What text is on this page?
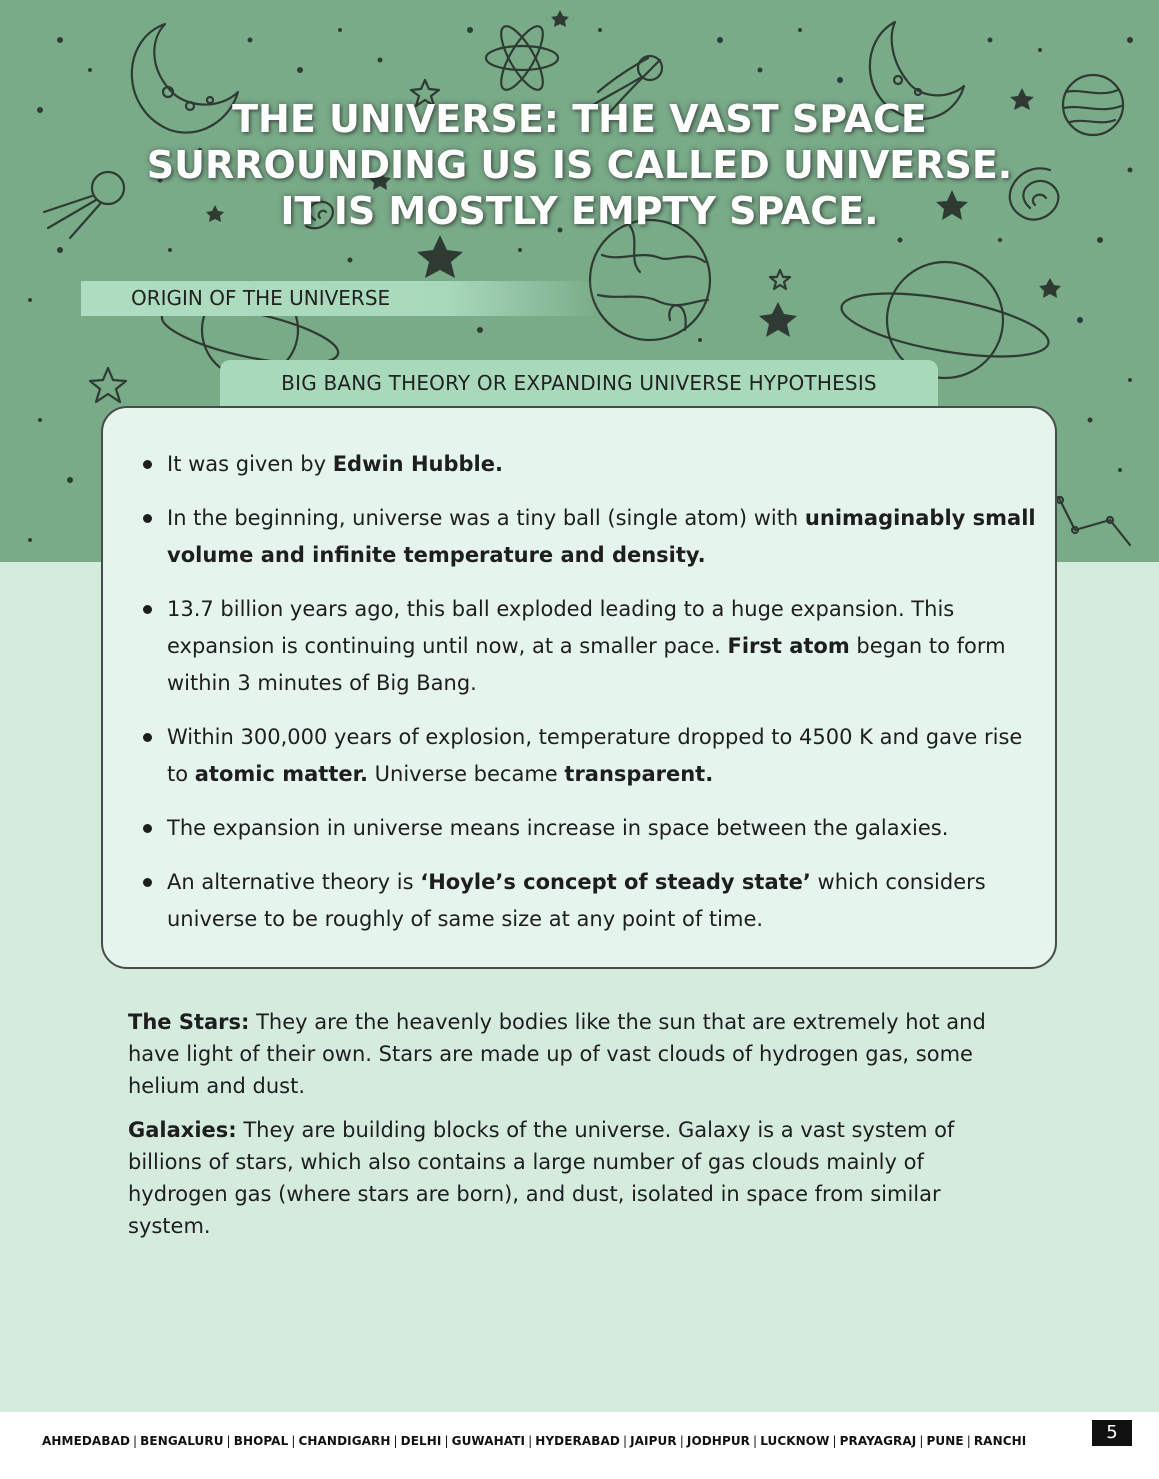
THE UNIVERSE: THE VAST SPACE
SURROUNDING US IS CALLED UNIVERSE.
IT IS MOSTLY EMPTY SPACE.
ORIGIN OF THE UNIVERSE
BIG BANG THEORY OR EXPANDING UNIVERSE HYPOTHESIS
It was given by Edwin Hubble.
In the beginning, universe was a tiny ball (single atom) with unimaginably small volume and infinite temperature and density.
13.7 billion years ago, this ball exploded leading to a huge expansion. This expansion is continuing until now, at a smaller pace. First atom began to form within 3 minutes of Big Bang.
Within 300,000 years of explosion, temperature dropped to 4500 K and gave rise to atomic matter. Universe became transparent.
The expansion in universe means increase in space between the galaxies.
An alternative theory is ‘Hoyle’s concept of steady state’ which considers universe to be roughly of same size at any point of time.

The Stars: They are the heavenly bodies like the sun that are extremely hot and have light of their own. Stars are made up of vast clouds of hydrogen gas, some helium and dust.

Galaxies: They are building blocks of the universe. Galaxy is a vast system of billions of stars, which also contains a large number of gas clouds mainly of hydrogen gas (where stars are born), and dust, isolated in space from similar system.

AHMEDABAD | BENGALURU | BHOPAL | CHANDIGARH | DELHI | GUWAHATI | HYDERABAD | JAIPUR | JODHPUR | LUCKNOW | PRAYAGRAJ | PUNE | RANCHI	5
